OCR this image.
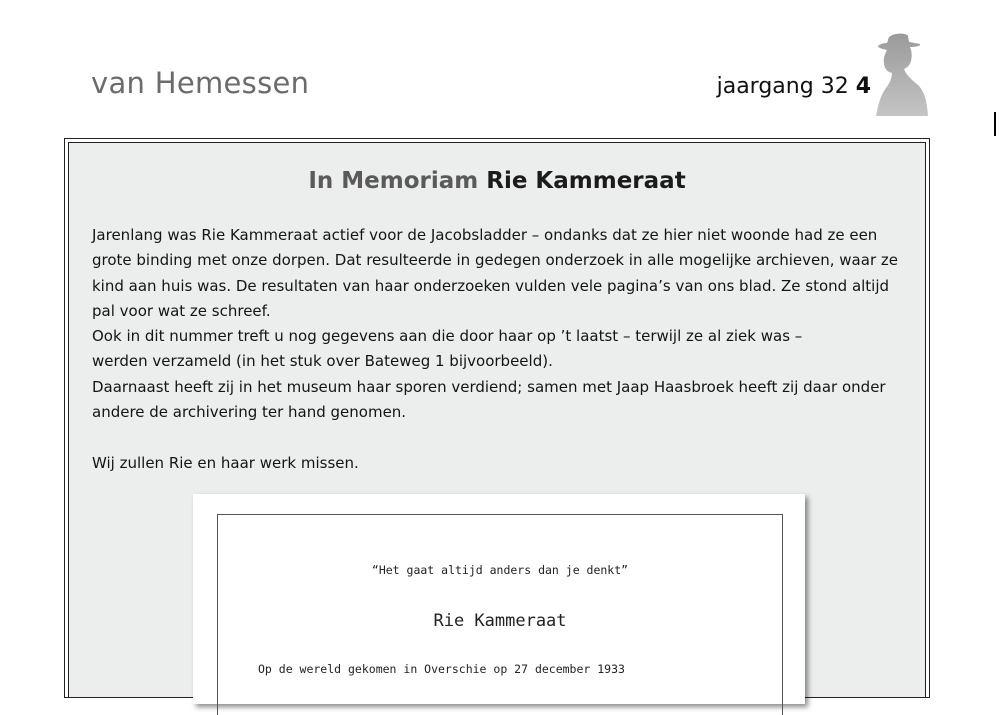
van Hemessen	jaargang 32 4
In Memoriam Rie Kammeraat

Jarenlang was Rie Kammeraat actief voor de Jacobsladder – ondanks dat ze hier niet woonde had ze een grote binding met onze dorpen. Dat resulteerde in gedegen onderzoek in alle mogelijke archieven, waar ze kind aan huis was. De resultaten van haar onderzoeken vulden vele pagina’s van ons blad. Ze stond altijd pal voor wat ze schreef.

Ook in dit nummer treft u nog gegevens aan die door haar op ’t laatst – terwijl ze al ziek was –

werden verzameld (in het stuk over Bateweg 1 bijvoorbeeld).

Daarnaast heeft zij in het museum haar sporen verdiend; samen met Jaap Haasbroek heeft zij daar onder andere de archivering ter hand genomen.

Wij zullen Rie en haar werk missen.

“Het gaat altijd anders dan je denkt”
Rie Kammeraat
Op de wereld gekomen in Overschie op 27 december 1933
